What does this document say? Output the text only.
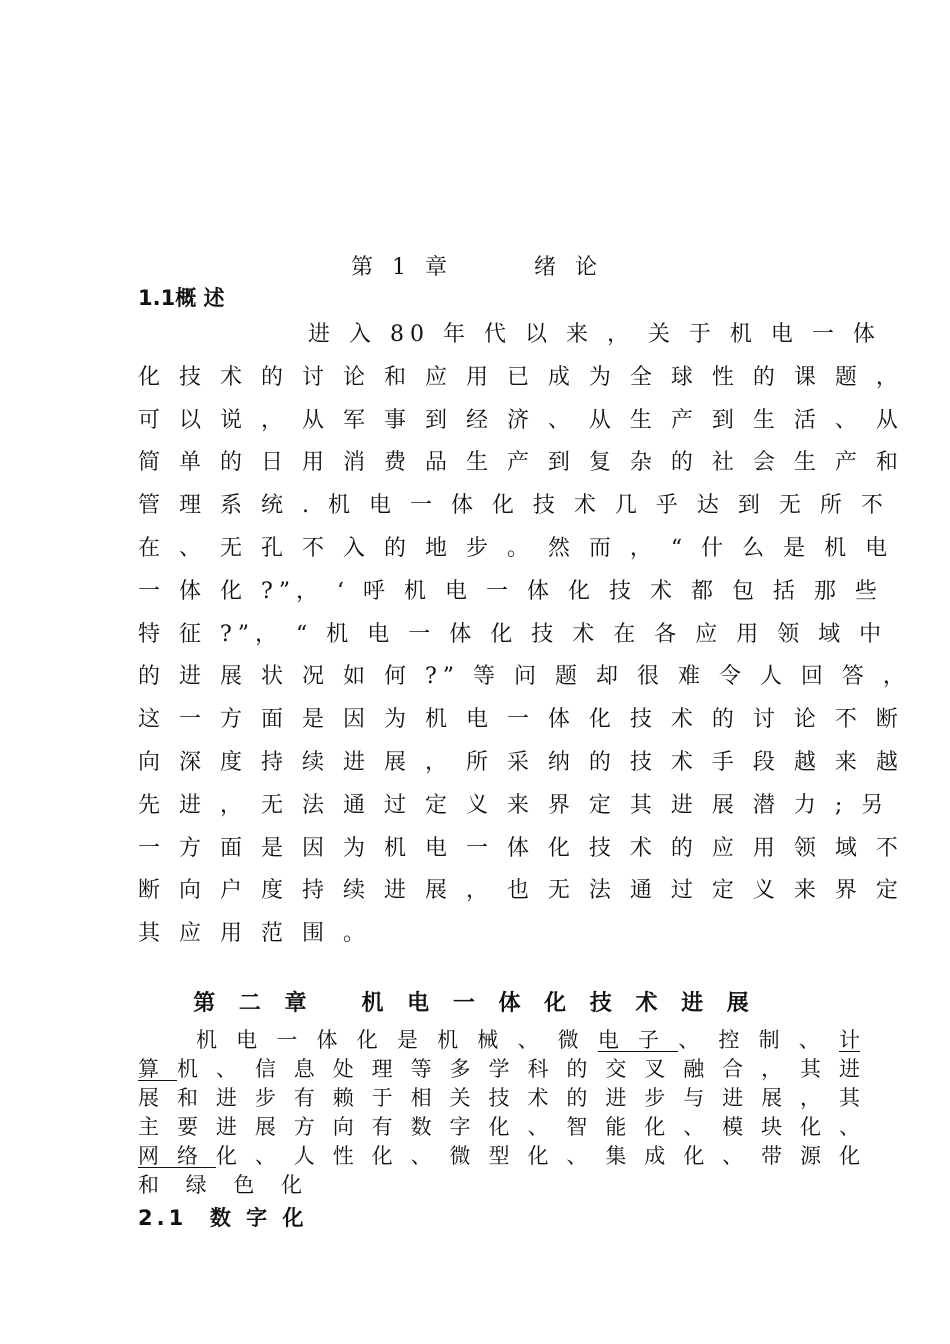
第 1 章     绪 论
1.1概 述
进 入 80 年 代 以 来 ， 关 于 机 电 一 体
化 技 术 的 讨 论 和 应 用 已 成 为 全 球 性 的 课 题 ，
可 以 说 ， 从 军 事 到 经 济 、 从 生 产 到 生 活 、 从
简 单 的 日 用 消 费 品 生 产 到 复 杂 的 社 会 生 产 和
管 理 系 统 . 机 电 一 体 化 技 术 几 乎 达 到 无 所 不
在 、 无 孔 不 入 的 地 步 。 然 而 ， “ 什 么 是 机 电
一 体 化 ?”， ‘ 呼 机 电 一 体 化 技 术 都 包 括 那 些
特 征 ?”， “ 机 电 一 体 化 技 术 在 各 应 用 领 域 中
的 进 展 状 况 如 何 ?” 等 问 题 却 很 难 令 人 回 答 ，
这 一 方 面 是 因 为 机 电 一 体 化 技 术 的 讨 论 不 断
向 深 度 持 续 进 展 ， 所 采 纳 的 技 术 手 段 越 来 越
先 进 ， 无 法 通 过 定 义 来 界 定 其 进 展 潜 力 ; 另
一 方 面 是 因 为 机 电 一 体 化 技 术 的 应 用 领 域 不
断 向 户 度 持 续 进 展 ， 也 无 法 通 过 定 义 来 界 定
其 应 用 范 围 。
第 二 章   机 电 一 体 化 技 术 进 展
机 电 一 体 化 是 机 械 、 微 电 子 、 控 制 、 计
算 机 、 信 息 处 理 等 多 学 科 的 交 叉 融 合 ， 其 进
展 和 进 步 有 赖 于 相 关 技 术 的 进 步 与 进 展 ， 其
主 要 进 展 方 向 有 数 字 化 、 智 能 化 、 模 块 化 、
网 络 化 、 人 性 化 、 微 型 化 、 集 成 化 、 带 源 化
和 绿 色 化
2.1  数 字 化
